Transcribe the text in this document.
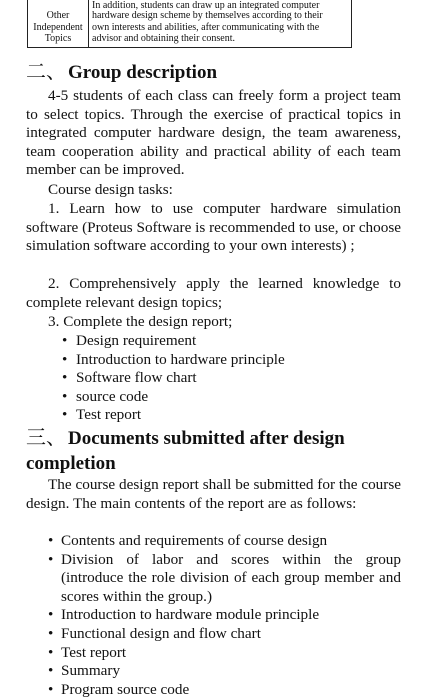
Other
Independent
Topics
In addition, students can draw up an integrated computer
hardware design scheme by themselves according to their
own interests and abilities, after communicating with the
advisor and obtaining their consent.
二、 Group description
4-5 students of each class can freely form a project team to select topics. Through the exercise of practical topics in integrated computer hardware design, the team awareness, team cooperation ability and practical ability of each team member can be improved.
Course design tasks:
1. Learn how to use computer hardware simulation software (Proteus Software is recommended to use, or choose simulation software according to your own interests) ;
2. Comprehensively apply the learned knowledge to complete relevant design topics;
3. Complete the design report;
• Design requirement
• Introduction to hardware principle
• Software flow chart
• source code
• Test report
三、 Documents submitted after design
completion
The course design report shall be submitted for the course design. The main contents of the report are as follows:
• Contents and requirements of course design
• Division of labor and scores within the group (introduce the role division of each group member and scores within the group.)
• Introduction to hardware module principle
• Functional design and flow chart
• Test report
• Summary
• Program source code
